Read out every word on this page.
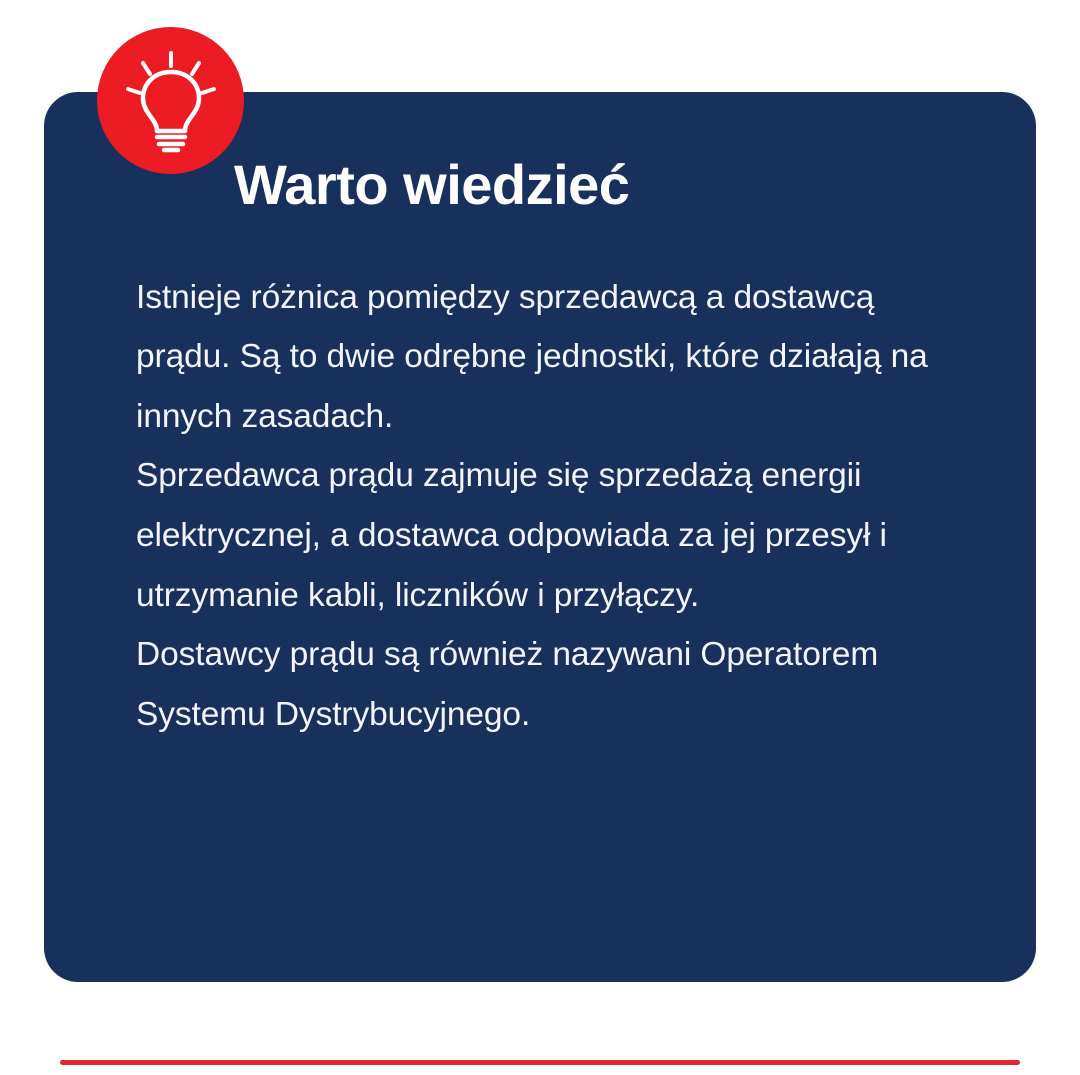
Warto wiedzieć

Istnieje różnica pomiędzy sprzedawcą a dostawcą prądu. Są to dwie odrębne jednostki, które działają na innych zasadach.

Sprzedawca prądu zajmuje się sprzedażą energii elektrycznej, a dostawca odpowiada za jej przesył i utrzymanie kabli, liczników i przyłączy.

Dostawcy prądu są również nazywani Operatorem Systemu Dystrybucyjnego.
